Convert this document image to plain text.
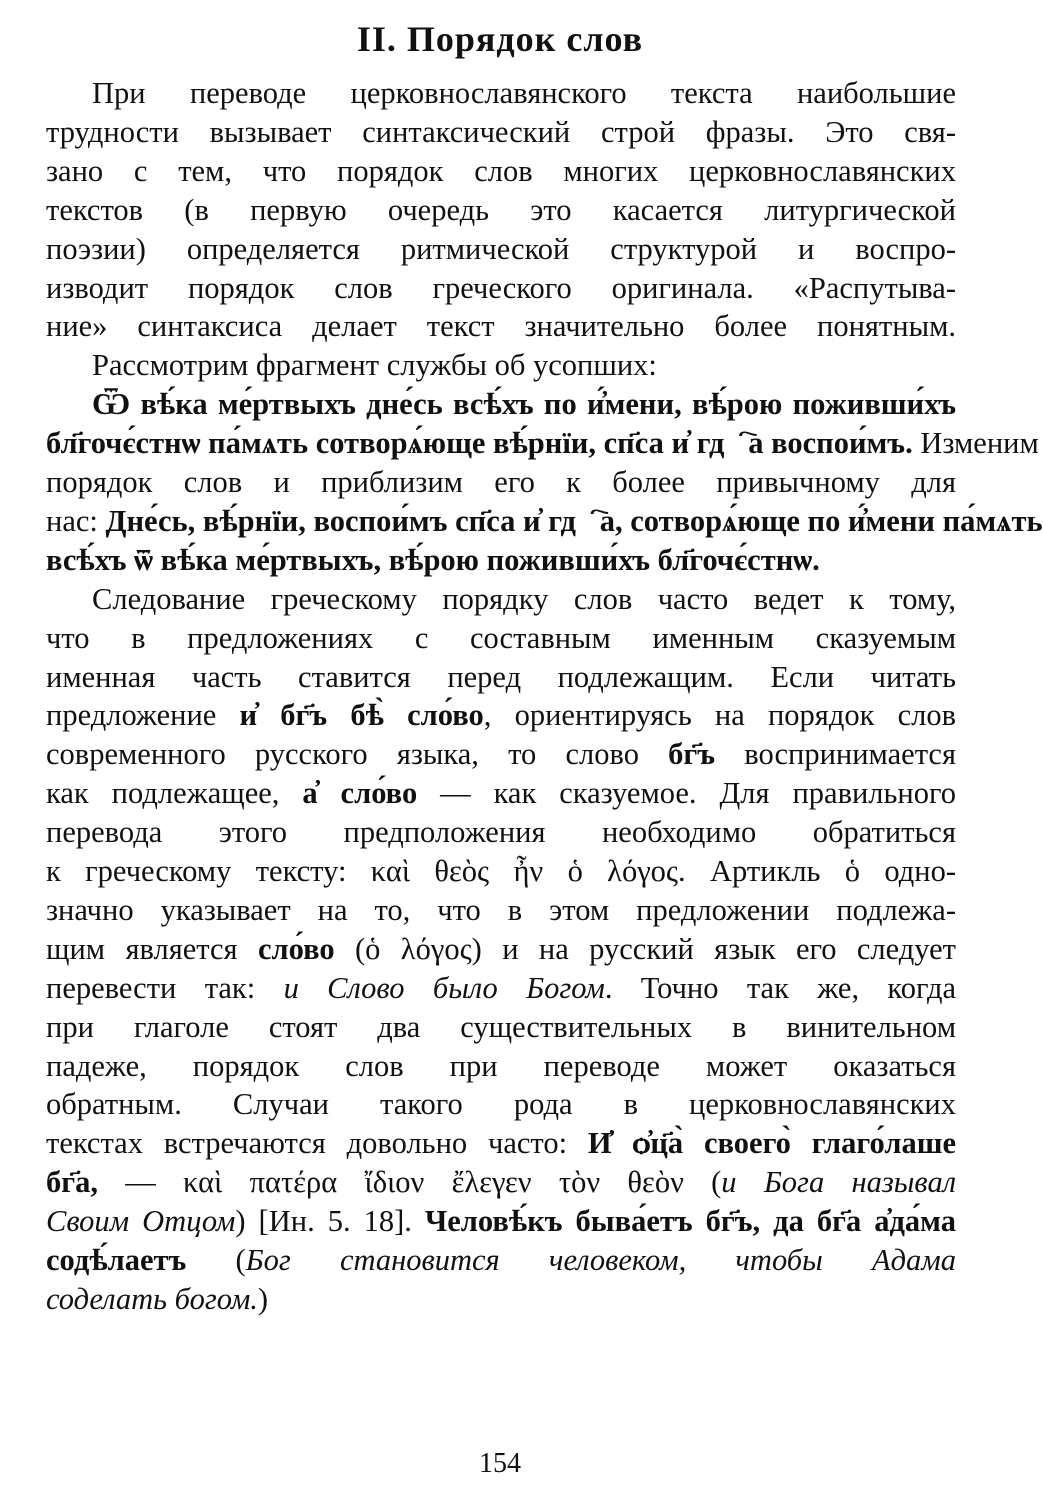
II. Порядок слов
При переводе церковнославянского текста наибольшие
трудности вызывает синтаксический строй фразы. Это свя-
зано с тем, что порядок слов многих церковнославянских
текстов (в первую очередь это касается литургической
поэзии) определяется ритмической структурой и воспро-
изводит порядок слов греческого оригинала. «Распутыва-
ние» синтаксиса делает текст значительно более понятным.
Рассмотрим фрагмент службы об усопших:
Ѿ вѣ́ка ме́ртвыхъ дне́сь всѣ́хъ по и҆́мени, вѣ́рою поживши́хъ
бл҃гочє́стнѡ па́мѧть сотворѧ́юще вѣ́рнїи, сп҃са и҆ гдⷭ҇а воспои́мъ. Изменим
порядок слов и приблизим его к более привычному для
нас: Дне́сь, вѣ́рнїи, воспои́мъ сп҃са и҆ гдⷭ҇а, сотворѧ́юще по и҆́мени па́мѧть
всѣ́хъ ѿ вѣ́ка ме́ртвыхъ, вѣ́рою поживши́хъ бл҃гочє́стнѡ.
Следование греческому порядку слов часто ведет к тому,
что в предложениях с составным именным сказуемым
именная часть ставится перед подлежащим. Если читать
предложение и҆ бг҃ъ бѣ̀ сло́во, ориентируясь на порядок слов
современного русского языка, то слово бг҃ъ воспринимается
как подлежащее, а҆ сло́во — как сказуемое. Для правильного
перевода этого предположения необходимо обратиться
к греческому тексту: καὶ θεὸς ἦν ὁ λόγος. Артикль ὁ одно-
значно указывает на то, что в этом предложении подлежа-
щим является сло́во (ὁ λόγος) и на русский язык его следует
перевести так: и Слово было Богом. Точно так же, когда
при глаголе стоят два существительных в винительном
падеже, порядок слов при переводе может оказаться
обратным. Случаи такого рода в церковнославянских
текстах встречаются довольно часто: И҆ ѻ҆ц҃а̀ своего̀ глаго́лаше
бг҃а, — καὶ πατέρα ἴδιον ἔλεγεν τὸν θεὸν (и Бога называл
Своим Отцом) [Ин. 5. 18]. Человѣ́къ быва́етъ бг҃ъ, да бг҃а а҆да́ма
содѣ́лаетъ (Бог становится человеком, чтобы Адама
соделать богом.)
154
